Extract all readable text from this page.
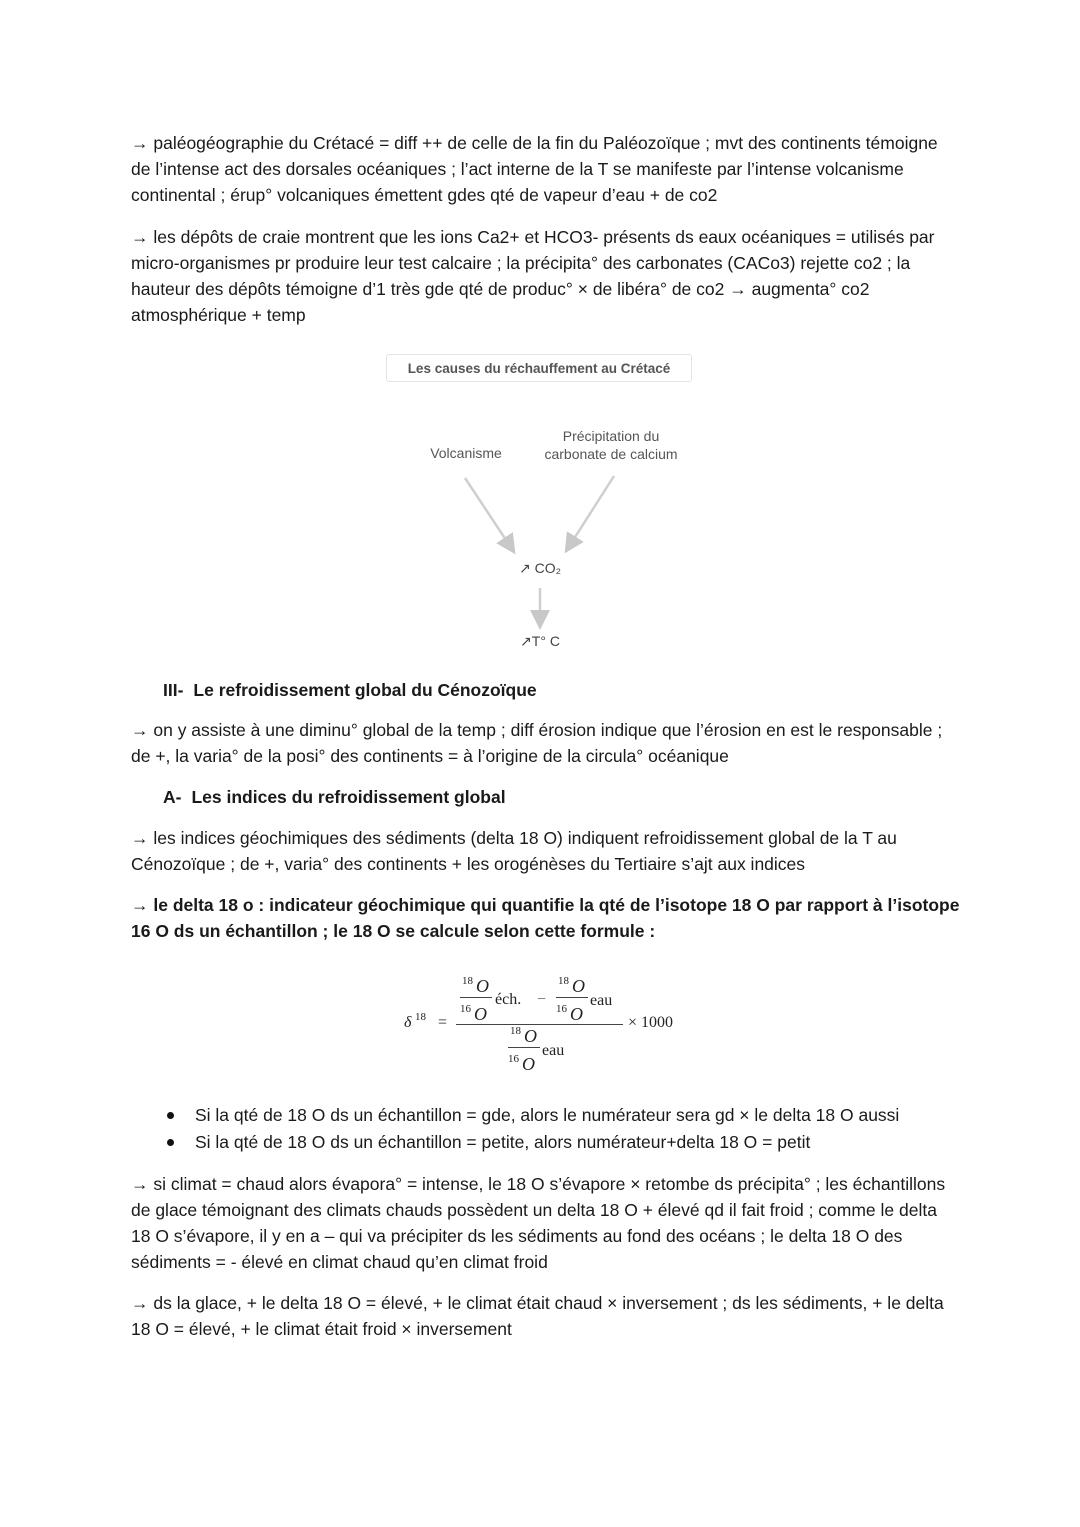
→ paléogéographie du Crétacé = diff ++ de celle de la fin du Paléozoïque ; mvt des continents témoigne de l’intense act des dorsales océaniques ; l’act interne de la T se manifeste par l’intense volcanisme continental ; érup° volcaniques émettent gdes qté de vapeur d’eau + de co2

→ les dépôts de craie montrent que les ions Ca2+ et HCO3- présents ds eaux océaniques = utilisés par micro-organismes pr produire leur test calcaire ; la précipita° des carbonates (CACo3) rejette co2 ; la hauteur des dépôts témoigne d’1 très gde qté de produc° × de libéra° de co2 → augmenta° co2 atmosphérique + temp

Les causes du réchauffement au Crétacé
Volcanisme
Précipitation du
carbonate de calcium
↗ CO₂
↗T° C

III- Le refroidissement global du Cénozoïque

→ on y assiste à une diminu° global de la temp ; diff érosion indique que l’érosion en est le responsable ; de +, la varia° de la posi° des continents = à l’origine de la circula° océanique

A- Les indices du refroidissement global

→ les indices géochimiques des sédiments (delta 18 O) indiquent refroidissement global de la T au Cénozoïque ; de +, varia° des continents + les orogénèses du Tertiaire s’ajt aux indices

→ le delta 18 o : indicateur géochimique qui quantifie la qté de l’isotope 18 O par rapport à l’isotope 16 O ds un échantillon ; le 18 O se calcule selon cette formule :

δ 18 =
18 O
16 O
éch. −
18 O
16 O
eau
18 O
16 O
eau
× 1000
Si la qté de 18 O ds un échantillon = gde, alors le numérateur sera gd × le delta 18 O aussi
Si la qté de 18 O ds un échantillon = petite, alors numérateur+delta 18 O = petit

→ si climat = chaud alors évapora° = intense, le 18 O s’évapore × retombe ds précipita° ; les échantillons de glace témoignant des climats chauds possèdent un delta 18 O + élevé qd il fait froid ; comme le delta 18 O s’évapore, il y en a – qui va précipiter ds les sédiments au fond des océans ; le delta 18 O des sédiments = - élevé en climat chaud qu’en climat froid

→ ds la glace, + le delta 18 O = élevé, + le climat était chaud × inversement ; ds les sédiments, + le delta 18 O = élevé, + le climat était froid × inversement
